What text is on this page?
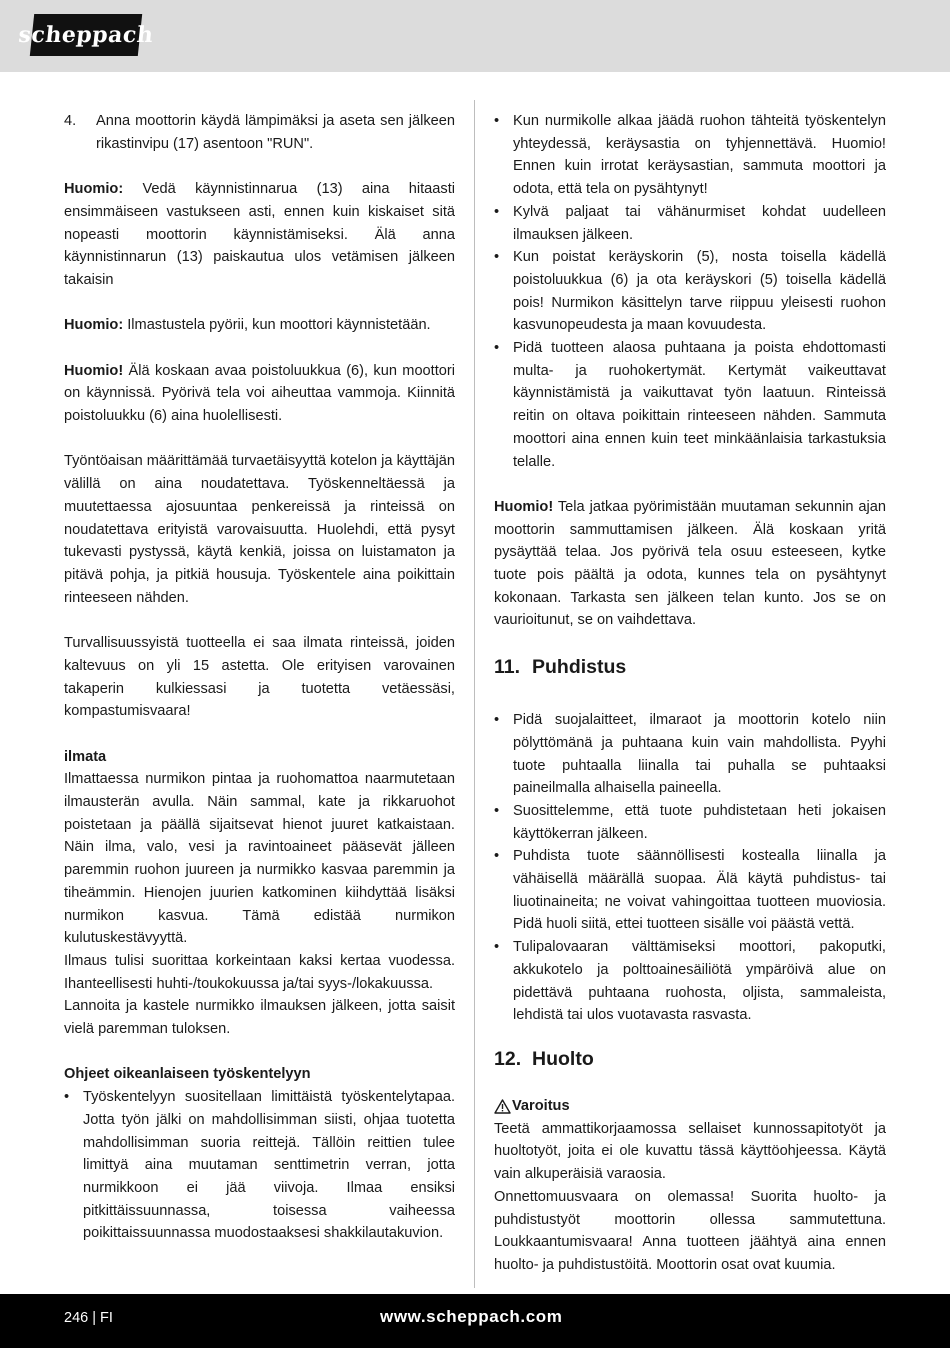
scheppach
4.	Anna moottorin käydä lämpimäksi ja aseta sen jälkeen rikastinvipu (17) asentoon "RUN".

Huomio: Vedä käynnistinnarua (13) aina hitaasti ensimmäiseen vastukseen asti, ennen kuin kiskaiset sitä nopeasti moottorin käynnistämiseksi. Älä anna käynnistinnarun (13) paiskautua ulos vetämisen jälkeen takaisin

Huomio: Ilmastustela pyörii, kun moottori käynnistetään.

Huomio! Älä koskaan avaa poistoluukkua (6), kun moottori on käynnissä. Pyörivä tela voi aiheuttaa vammoja. Kiinnitä poistoluukku (6) aina huolellisesti.

Työntöaisan määrittämää turvaetäisyyttä kotelon ja käyttäjän välillä on aina noudatettava. Työskenneltäessä ja muutettaessa ajosuuntaa penkereissä ja rinteissä on noudatettava erityistä varovaisuutta. Huolehdi, että pysyt tukevasti pystyssä, käytä kenkiä, joissa on luistamaton ja pitävä pohja, ja pitkiä housuja. Työskentele aina poikittain rinteeseen nähden.

Turvallisuussyistä tuotteella ei saa ilmata rinteissä, joiden kaltevuus on yli 15 astetta. Ole erityisen varovainen takaperin kulkiessasi ja tuotetta vetäessäsi, kompastumisvaara!

ilmata

Ilmattaessa nurmikon pintaa ja ruohomattoa naarmutetaan ilmausterän avulla. Näin sammal, kate ja rikkaruohot poistetaan ja päällä sijaitsevat hienot juuret katkaistaan. Näin ilma, valo, vesi ja ravintoaineet pääsevät jälleen paremmin ruohon juureen ja nurmikko kasvaa paremmin ja tiheämmin. Hienojen juurien katkominen kiihdyttää lisäksi nurmikon kasvua. Tämä edistää nurmikon kulutuskestävyyttä.

Ilmaus tulisi suorittaa korkeintaan kaksi kertaa vuodessa. Ihanteellisesti huhti-/toukokuussa ja/tai syys-/lokakuussa.

Lannoita ja kastele nurmikko ilmauksen jälkeen, jotta saisit vielä paremman tuloksen.

Ohjeet oikeanlaiseen työskentelyyn

• Työskentelyyn suositellaan limittäistä työskentelytapaa. Jotta työn jälki on mahdollisimman siisti, ohjaa tuotetta mahdollisimman suoria reittejä. Tällöin reittien tulee limittyä aina muutaman senttimetrin verran, jotta nurmikkoon ei jää viivoja. Ilmaa ensiksi pitkittäissuunnassa, toisessa vaiheessa poikittaissuunnassa muodostaaksesi shakkilautakuvion.
• Kun nurmikolle alkaa jäädä ruohon tähteitä työskentelyn yhteydessä, keräysastia on tyhjennettävä. Huomio! Ennen kuin irrotat keräysastian, sammuta moottori ja odota, että tela on pysähtynyt!
• Kylvä paljaat tai vähänurmiset kohdat uudelleen ilmauksen jälkeen.
• Kun poistat keräyskorin (5), nosta toisella kädellä poistoluukkua (6) ja ota keräyskori (5) toisella kädellä pois! Nurmikon käsittelyn tarve riippuu yleisesti ruohon kasvunopeudesta ja maan kovuudesta.
• Pidä tuotteen alaosa puhtaana ja poista ehdottomasti multa- ja ruohokertymät. Kertymät vaikeuttavat käynnistämistä ja vaikuttavat työn laatuun. Rinteissä reitin on oltava poikittain rinteeseen nähden. Sammuta moottori aina ennen kuin teet minkäänlaisia tarkastuksia telalle.

Huomio! Tela jatkaa pyörimistään muutaman sekunnin ajan moottorin sammuttamisen jälkeen. Älä koskaan yritä pysäyttää telaa. Jos pyörivä tela osuu esteeseen, kytke tuote pois päältä ja odota, kunnes tela on pysähtynyt kokonaan. Tarkasta sen jälkeen telan kunto. Jos se on vaurioitunut, se on vaihdettava.

11. Puhdistus
• Pidä suojalaitteet, ilmaraot ja moottorin kotelo niin pölyttömänä ja puhtaana kuin vain mahdollista. Pyyhi tuote puhtaalla liinalla tai puhalla se puhtaaksi paineilmalla alhaisella paineella.
• Suosittelemme, että tuote puhdistetaan heti jokaisen käyttökerran jälkeen.
• Puhdista tuote säännöllisesti kostealla liinalla ja vähäisellä määrällä suopaa. Älä käytä puhdistus- tai liuotinaineita; ne voivat vahingoittaa tuotteen muoviosia. Pidä huoli siitä, ettei tuotteen sisälle voi päästä vettä.
• Tulipalovaaran välttämiseksi moottori, pakoputki, akkukotelo ja polttoainesäiliötä ympäröivä alue on pidettävä puhtaana ruohosta, oljista, sammaleista, lehdistä tai ulos vuotavasta rasvasta.
12. Huolto
Varoitus

Teetä ammattikorjaamossa sellaiset kunnossapitotyöt ja huoltotyöt, joita ei ole kuvattu tässä käyttöohjeessa. Käytä vain alkuperäisiä varaosia.

Onnettomuusvaara on olemassa! Suorita huolto- ja puhdistustyöt moottorin ollessa sammutettuna. Loukkaantumisvaara! Anna tuotteen jäähtyä aina ennen huolto- ja puhdistustöitä. Moottorin osat ovat kuumia.

246 | FI	www.scheppach.com
